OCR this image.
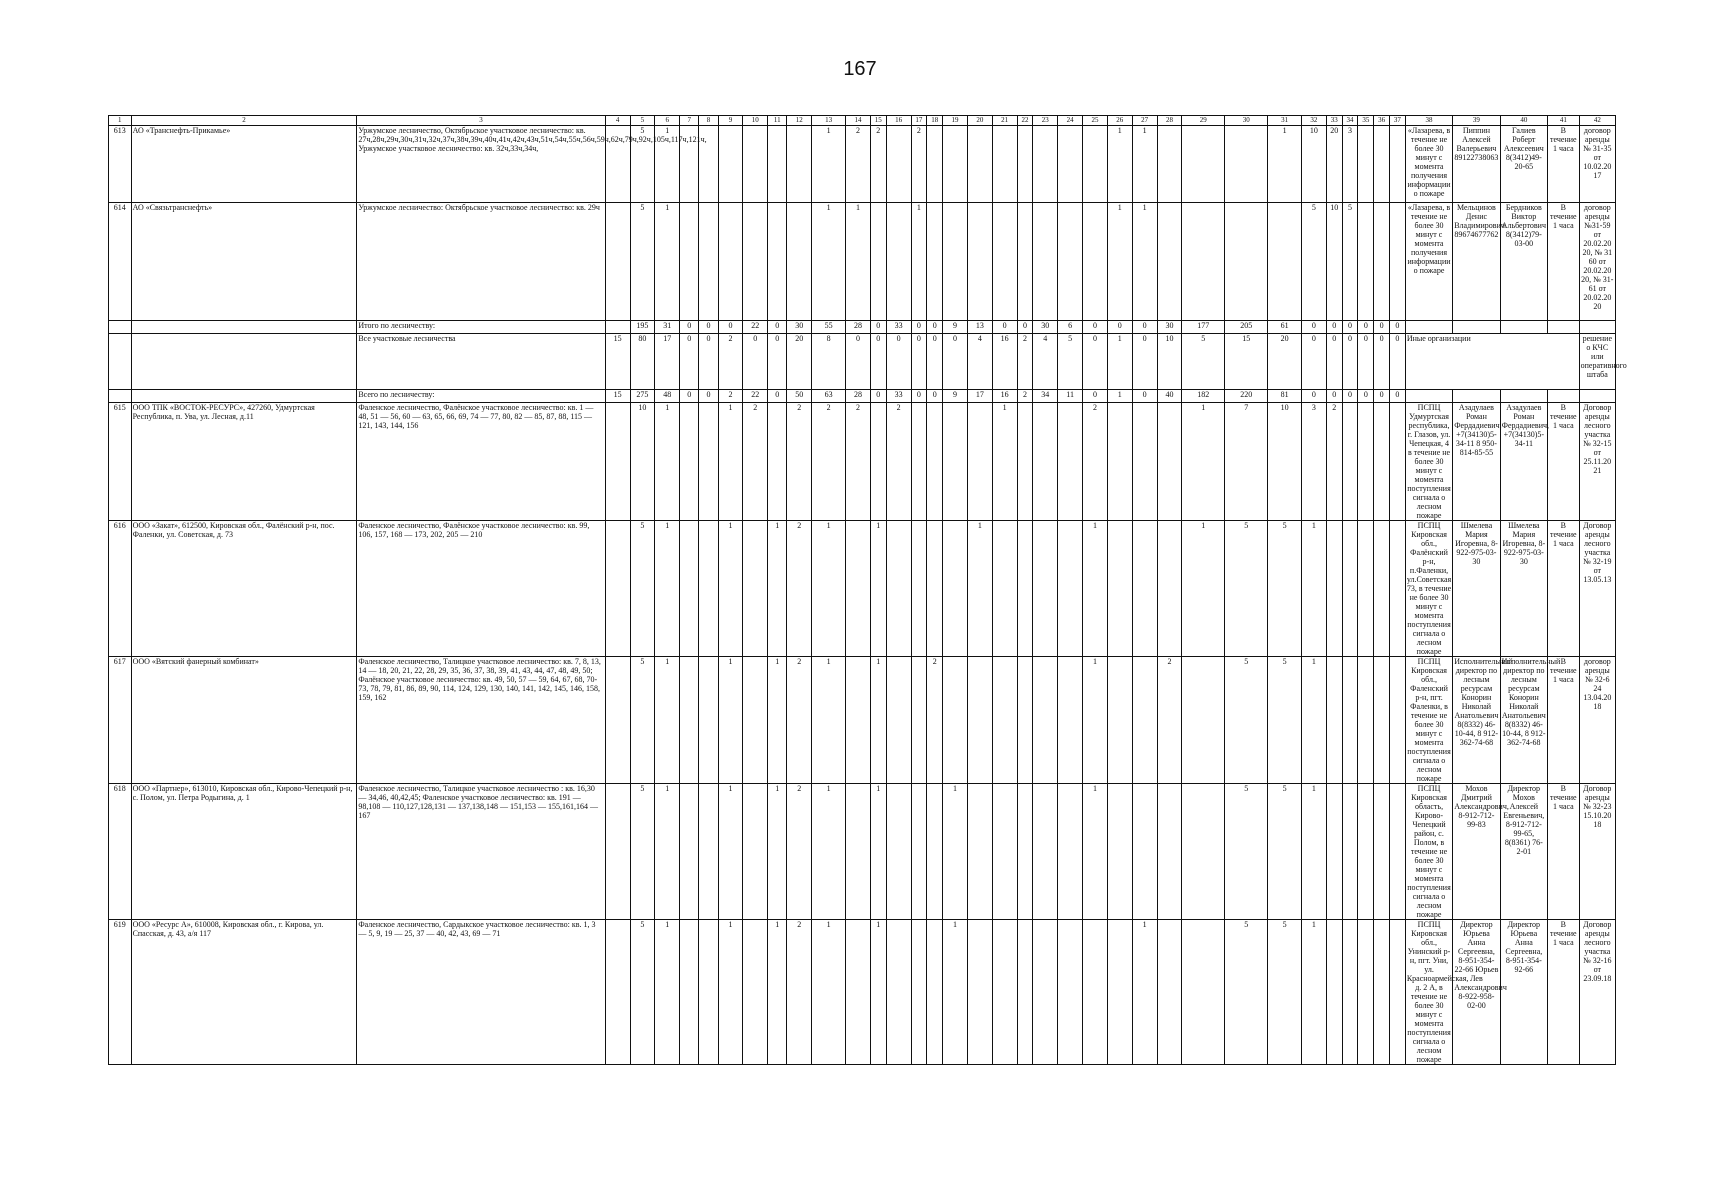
167
1	2	3	4	5	6	7	8	9	10	11	12	13	14	15	16	17	18	19	20	21	22	23	24	25	26	27	28	29	30	31	32	33	34	35	36	37	38	39	40	41	42
613	АО «Транснефть-Прикамье»	Уржумское лесничество, Октябрьское участковое лесничество: кв. 27ч,28ч,29ч,30ч,31ч,32ч,37ч,38ч,39ч,40ч,41ч,42ч,43ч,51ч,54ч,55ч,56ч,59ч,62ч,79ч,92ч,105ч,117ч,121ч, Уржумское участковое лесничество: кв. 32ч,33ч,34ч,		5	1							1	2	2		2									1	1				1	10	20	3				«Лазарева, в течение не более 30 минут с момента получения информации о пожаре	Пиппин Алексей Валерьевич 89122738063	Галиев Роберт Алексеевич 8(3412)49-20-65	В течение 1 часа	договор аренды № 31-35 от 10.02.20 17
614	АО «Связьтранснефть»	Уржумское лесничество: Октябрьское участковое лесничество: кв. 29ч		5	1							1	1			1									1	1					5	10	5				«Лазарева, в течение не более 30 минут с момента получения информации о пожаре	Мельцинов Денис Владимирович 89674677762	Бердников Виктор Альбертович 8(3412)79-03-00	В течение 1 часа	договор аренды №31-59 от 20.02.20 20, № 31 60 от 20.02.20 20, № 31-61 от 20.02.20 20
		Итого по лесничеству:		195	31	0	0	0	22	0	30	55	28	0	33	0	0	9	13	0	0	30	6	0	0	0	30	177	205	61	0	0	0	0	0	0					
		Все участковые лесничества	15	80	17	0	0	2	0	0	20	8	0	0	0	0	0	0	4	16	2	4	5	0	1	0	10	5	15	20	0	0	0	0	0	0	Иные организации				решение о КЧС или оперативного штаба
		Всего по лесничеству:	15	275	48	0	0	2	22	0	50	63	28	0	33	0	0	9	17	16	2	34	11	0	1	0	40	182	220	81	0	0	0	0	0	0					
615	ООО ТПК «ВОСТОК-РЕСУРС», 427260, Удмуртская Республика, п. Ува, ул. Лесная, д.11	Фаленское лесничество, Фалёнское участковое лесничество: кв. 1 — 48, 51 — 56, 60 — 63, 65, 66, 69, 74 — 77, 80, 82 — 85, 87, 88, 115 — 121, 143, 144, 156		10	1			1	2		2	2	2		2					1				2				1	7	10	3	2					ПСПЦ Удмуртская республика, г. Глазов, ул. Чепецкая, 4 в течение не более 30 минут с момента поступления сигнала о лесном пожаре	Азадулаев Роман Фердадиевич, +7(34130)5-34-11 8 950-814-85-55	Азадулаев Роман Фердадиевич, +7(34130)5-34-11	В течение 1 часа	Договор аренды лесного участка № 32-15 от 25.11.20 21
616	ООО «Закат», 612500, Кировская обл., Фалёнский р-н, пос. Фаленки, ул. Советская, д. 73	Фаленское лесничество, Фалёнское участковое лесничество: кв. 99, 106, 157, 168 — 173, 202, 205 — 210		5	1			1		1	2	1		1					1					1				1	5	5	1						ПСПЦ Кировская обл., Фалёнский р-н, п.Фаленки, ул.Советская 73, в течение не более 30 минут с момента поступления сигнала о лесном пожаре	Шмелева Мария Игоревна, 8-922-975-03-30	Шмелева Мария Игоревна, 8-922-975-03-30	В течение 1 часа	Договор аренды лесного участка № 32-19 от 13.05.13
617	ООО «Вятский фанерный комбинат»	Фаленское лесничество, Талицкое участковое лесничество: кв. 7, 8, 13, 14 — 18, 20, 21, 22, 28, 29, 35, 36, 37, 38, 39, 41, 43, 44, 47, 48, 49, 50; Фалёнское участковое лесничество: кв. 49, 50, 57 — 59, 64, 67, 68, 70-73, 78, 79, 81, 86, 89, 90, 114, 124, 129, 130, 140, 141, 142, 145, 146, 158, 159, 162		5	1			1		1	2	1		1			2							1			2		5	5	1						ПСПЦ Кировская обл., Фаленский р-н, пгт. Фаленки, в течение не более 30 минут с момента поступления сигнала о лесном пожаре	Исполнительный директор по лесным ресурсам Конорин Николай Анатольевич 8(8332) 46-10-44, 8 912-362-74-68	Исполнительный директор по лесным ресурсам Конорин Николай Анатольевич 8(8332) 46-10-44, 8 912-362-74-68	В течение 1 часа	договор аренды № 32-6 24 13.04.20 18
618	ООО «Партнер», 613010, Кировская обл., Кирово-Чепецкий р-н, с. Полом, ул. Петра Родыгина, д. 1	Фаленское лесничество, Талицкое участковое лесничество : кв. 16,30 — 34,46, 40,42,45; Фаленское участковое лесничество: кв. 191 — 98,108 — 110,127,128,131 — 137,138,148 — 151,153 — 155,161,164 — 167		5	1			1		1	2	1		1				1						1					5	5	1						ПСПЦ Кировская область, Кирово-Чепецкий район, с. Полом, в течение не более 30 минут с момента поступления сигнала о лесном пожаре	Мохов Дмитрий Александрович, 8-912-712-99-83	Директор Мохов Алексей Евгеньевич, 8-912-712-99-65, 8(8361) 76-2-01	В течение 1 часа	Договор аренды № 32-23 15.10.20 18
619	ООО «Ресурс А», 610008, Кировская обл., г. Кирова, ул. Спасская, д. 43, а/я 117	Фаленское лесничество, Сардыкское участковое лесничество: кв. 1, 3 — 5, 9, 19 — 25, 37 — 40, 42, 43, 69 — 71		5	1			1		1	2	1		1				1								1			5	5	1						ПСПЦ Кировская обл., Унинский р-н, пгт. Уни, ул. Красноармейская, д. 2 А, в течение не более 30 минут с момента поступления сигнала о лесном пожаре	Директор Юрьева Анна Сергеевна, 8-951-354-22-66 Юрьев Лев Александрович 8-922-958-02-00	Директор Юрьева Анна Сергеевна, 8-951-354-92-66	В течение 1 часа	Договор аренды лесного участка № 32-16 от 23.09.18
